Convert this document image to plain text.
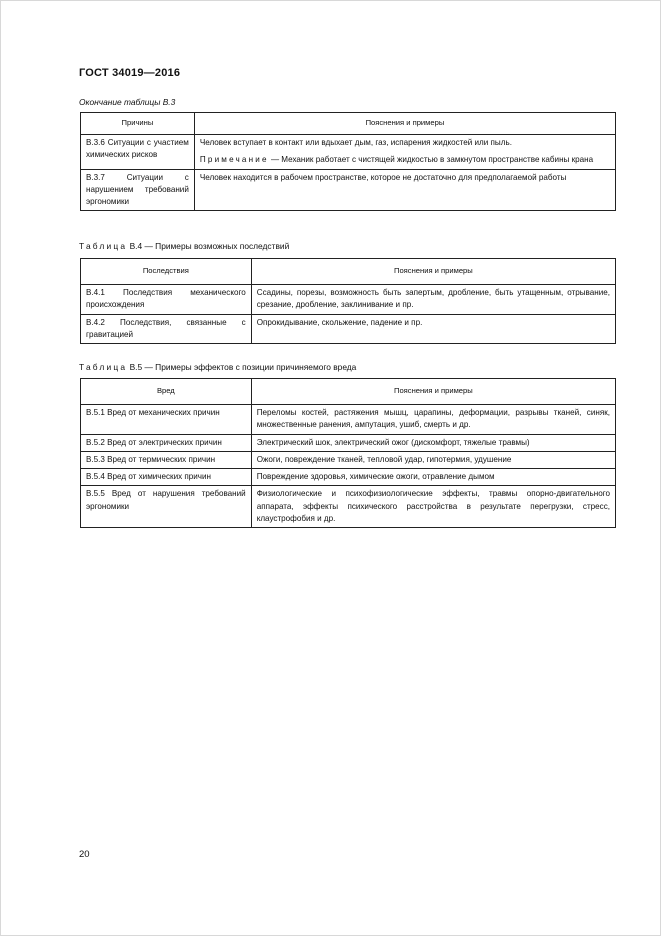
ГОСТ 34019—2016
Окончание таблицы В.3
Причины	Пояснения и примеры
В.3.6 Ситуации с участием химических рисков	Человек вступает в контакт или вдыхает дым, газ, испарения жидкостей или пыль.
Примечание — Механик работает с чистящей жидкостью в замкнутом пространстве кабины крана

В.3.7 Ситуации с нарушением требований эргономики	Человек находится в рабочем пространстве, которое не достаточно для предполагаемой работы
Таблица В.4 — Примеры возможных последствий
Последствия	Пояснения и примеры
В.4.1 Последствия механического происхождения	Ссадины, порезы, возможность быть запертым, дробление, быть утащенным, отрывание, срезание, дробление, заклинивание и пр.
В.4.2 Последствия, связанные с гравитацией	Опрокидывание, скольжение, падение и пр.
Таблица В.5 — Примеры эффектов с позиции причиняемого вреда
Вред	Пояснения и примеры
В.5.1 Вред от механических причин	Переломы костей, растяжения мышц, царапины, деформации, разрывы тканей, синяк, множественные ранения, ампутация, ушиб, смерть и др.
В.5.2 Вред от электрических причин	Электрический шок, электрический ожог (дискомфорт, тяжелые травмы)
В.5.3 Вред от термических причин	Ожоги, повреждение тканей, тепловой удар, гипотермия, удушение
В.5.4 Вред от химических причин	Повреждение здоровья, химические ожоги, отравление дымом
В.5.5 Вред от нарушения требований эргономики	Физиологические и психофизиологические эффекты, травмы опорно-двигательного аппарата, эффекты психического расстройства в результате перегрузки, стресс, клаустрофобия и др.
20
